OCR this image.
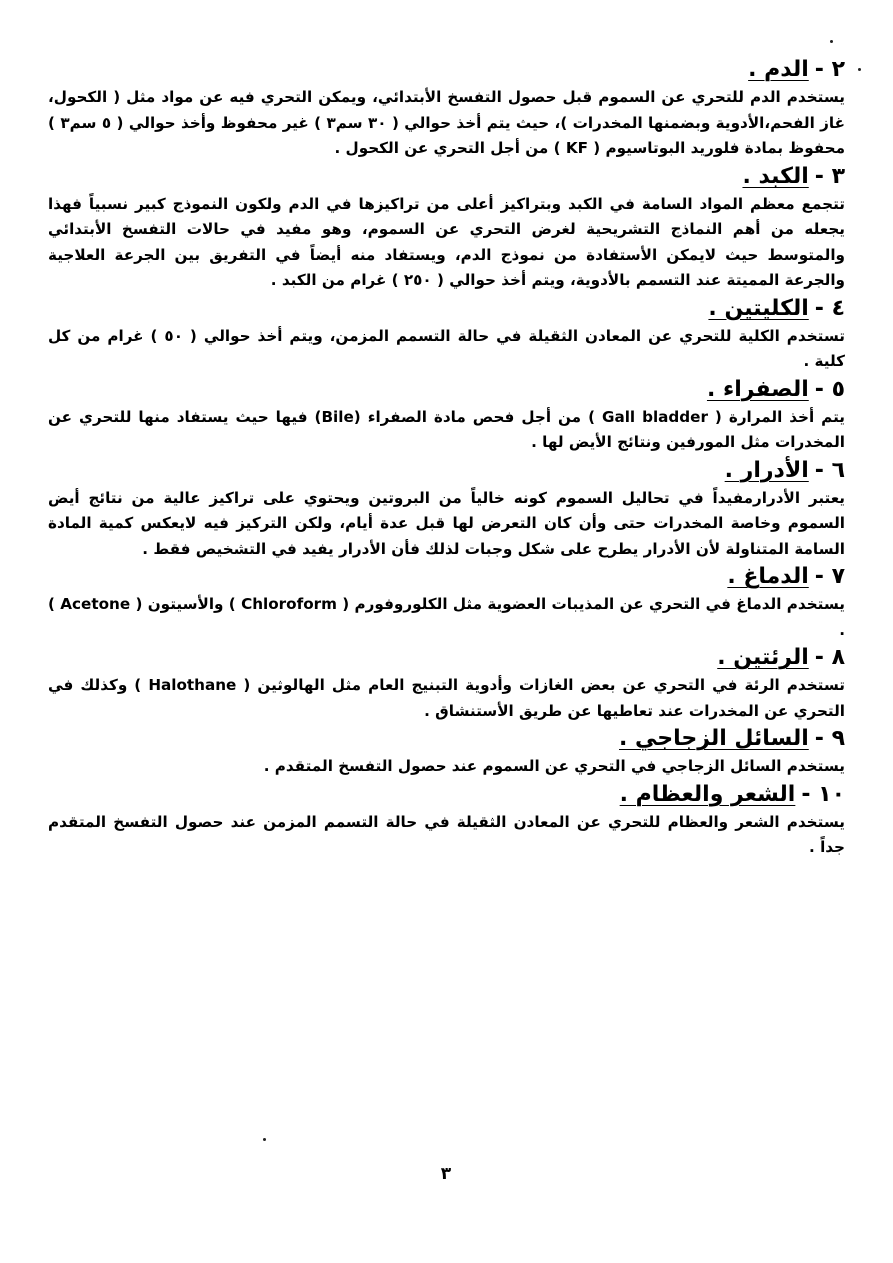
٢ -الدم .

يستخدم الدم للتحري عن السموم قبل حصول التفسخ الأبتدائي، ويمكن التحري فيه عن مواد مثل ( الكحول، غاز الفحم،الأدوية وبضمنها المخدرات )، حيث يتم أخذ حوالي ( ٣٠ سم٣ ) غير محفوظ وأخذ حوالي ( ٥ سم٣ ) محفوظ بمادة فلوريد البوتاسيوم ( KF ) من أجل التحري عن الكحول .

٣ -الكبد .

تتجمع معظم المواد السامة في الكبد وبتراكيز أعلى من تراكيزها في الدم ولكون النموذج كبير نسبياً فهذا يجعله من أهم النماذج التشريحية لغرض التحري عن السموم، وهو مفيد في حالات التفسخ الأبتدائي والمتوسط حيث لايمكن الأستفادة من نموذج الدم، ويستفاد منه أيضاً في التفريق بين الجرعة العلاجية والجرعة المميتة عند التسمم بالأدوية، ويتم أخذ حوالي ( ٢٥٠ ) غرام من الكبد .

٤ -الكليتين .

تستخدم الكلية للتحري عن المعادن الثقيلة في حالة التسمم المزمن، ويتم أخذ حوالي ( ٥٠ ) غرام من كل كلية .

٥ -الصفراء .

يتم أخذ المرارة ( Gall bladder ) من أجل فحص مادة الصفراء (Bile) فيها حيث يستفاد منها للتحري عن المخدرات مثل المورفين ونتائج الأيض لها .

٦ -الأدرار .

يعتبر الأدرارمفيداً في تحاليل السموم كونه خالياً من البروتين ويحتوي على تراكيز عالية من نتائج أيض السموم وخاصة المخدرات حتى وأن كان التعرض لها قبل عدة أيام، ولكن التركيز فيه لايعكس كمية المادة السامة المتناولة لأن الأدرار يطرح على شكل وجبات لذلك فأن الأدرار يفيد في التشخيص فقط .

٧ -الدماغ .

يستخدم الدماغ في التحري عن المذيبات العضوية مثل الكلوروفورم ( Chloroform ) والأسيتون ( Acetone ) .

٨ -الرئتين .

تستخدم الرئة في التحري عن بعض الغازات وأدوية التبنيج العام مثل الهالوثين ( Halothane ) وكذلك في التحري عن المخدرات عند تعاطيها عن طريق الأستنشاق .

٩ -السائل الزجاجي .

يستخدم السائل الزجاجي في التحري عن السموم عند حصول التفسخ المتقدم .

١٠ -الشعر والعظام .

يستخدم الشعر والعظام للتحري عن المعادن الثقيلة في حالة التسمم المزمن عند حصول التفسخ المتقدم جداً .

٣
